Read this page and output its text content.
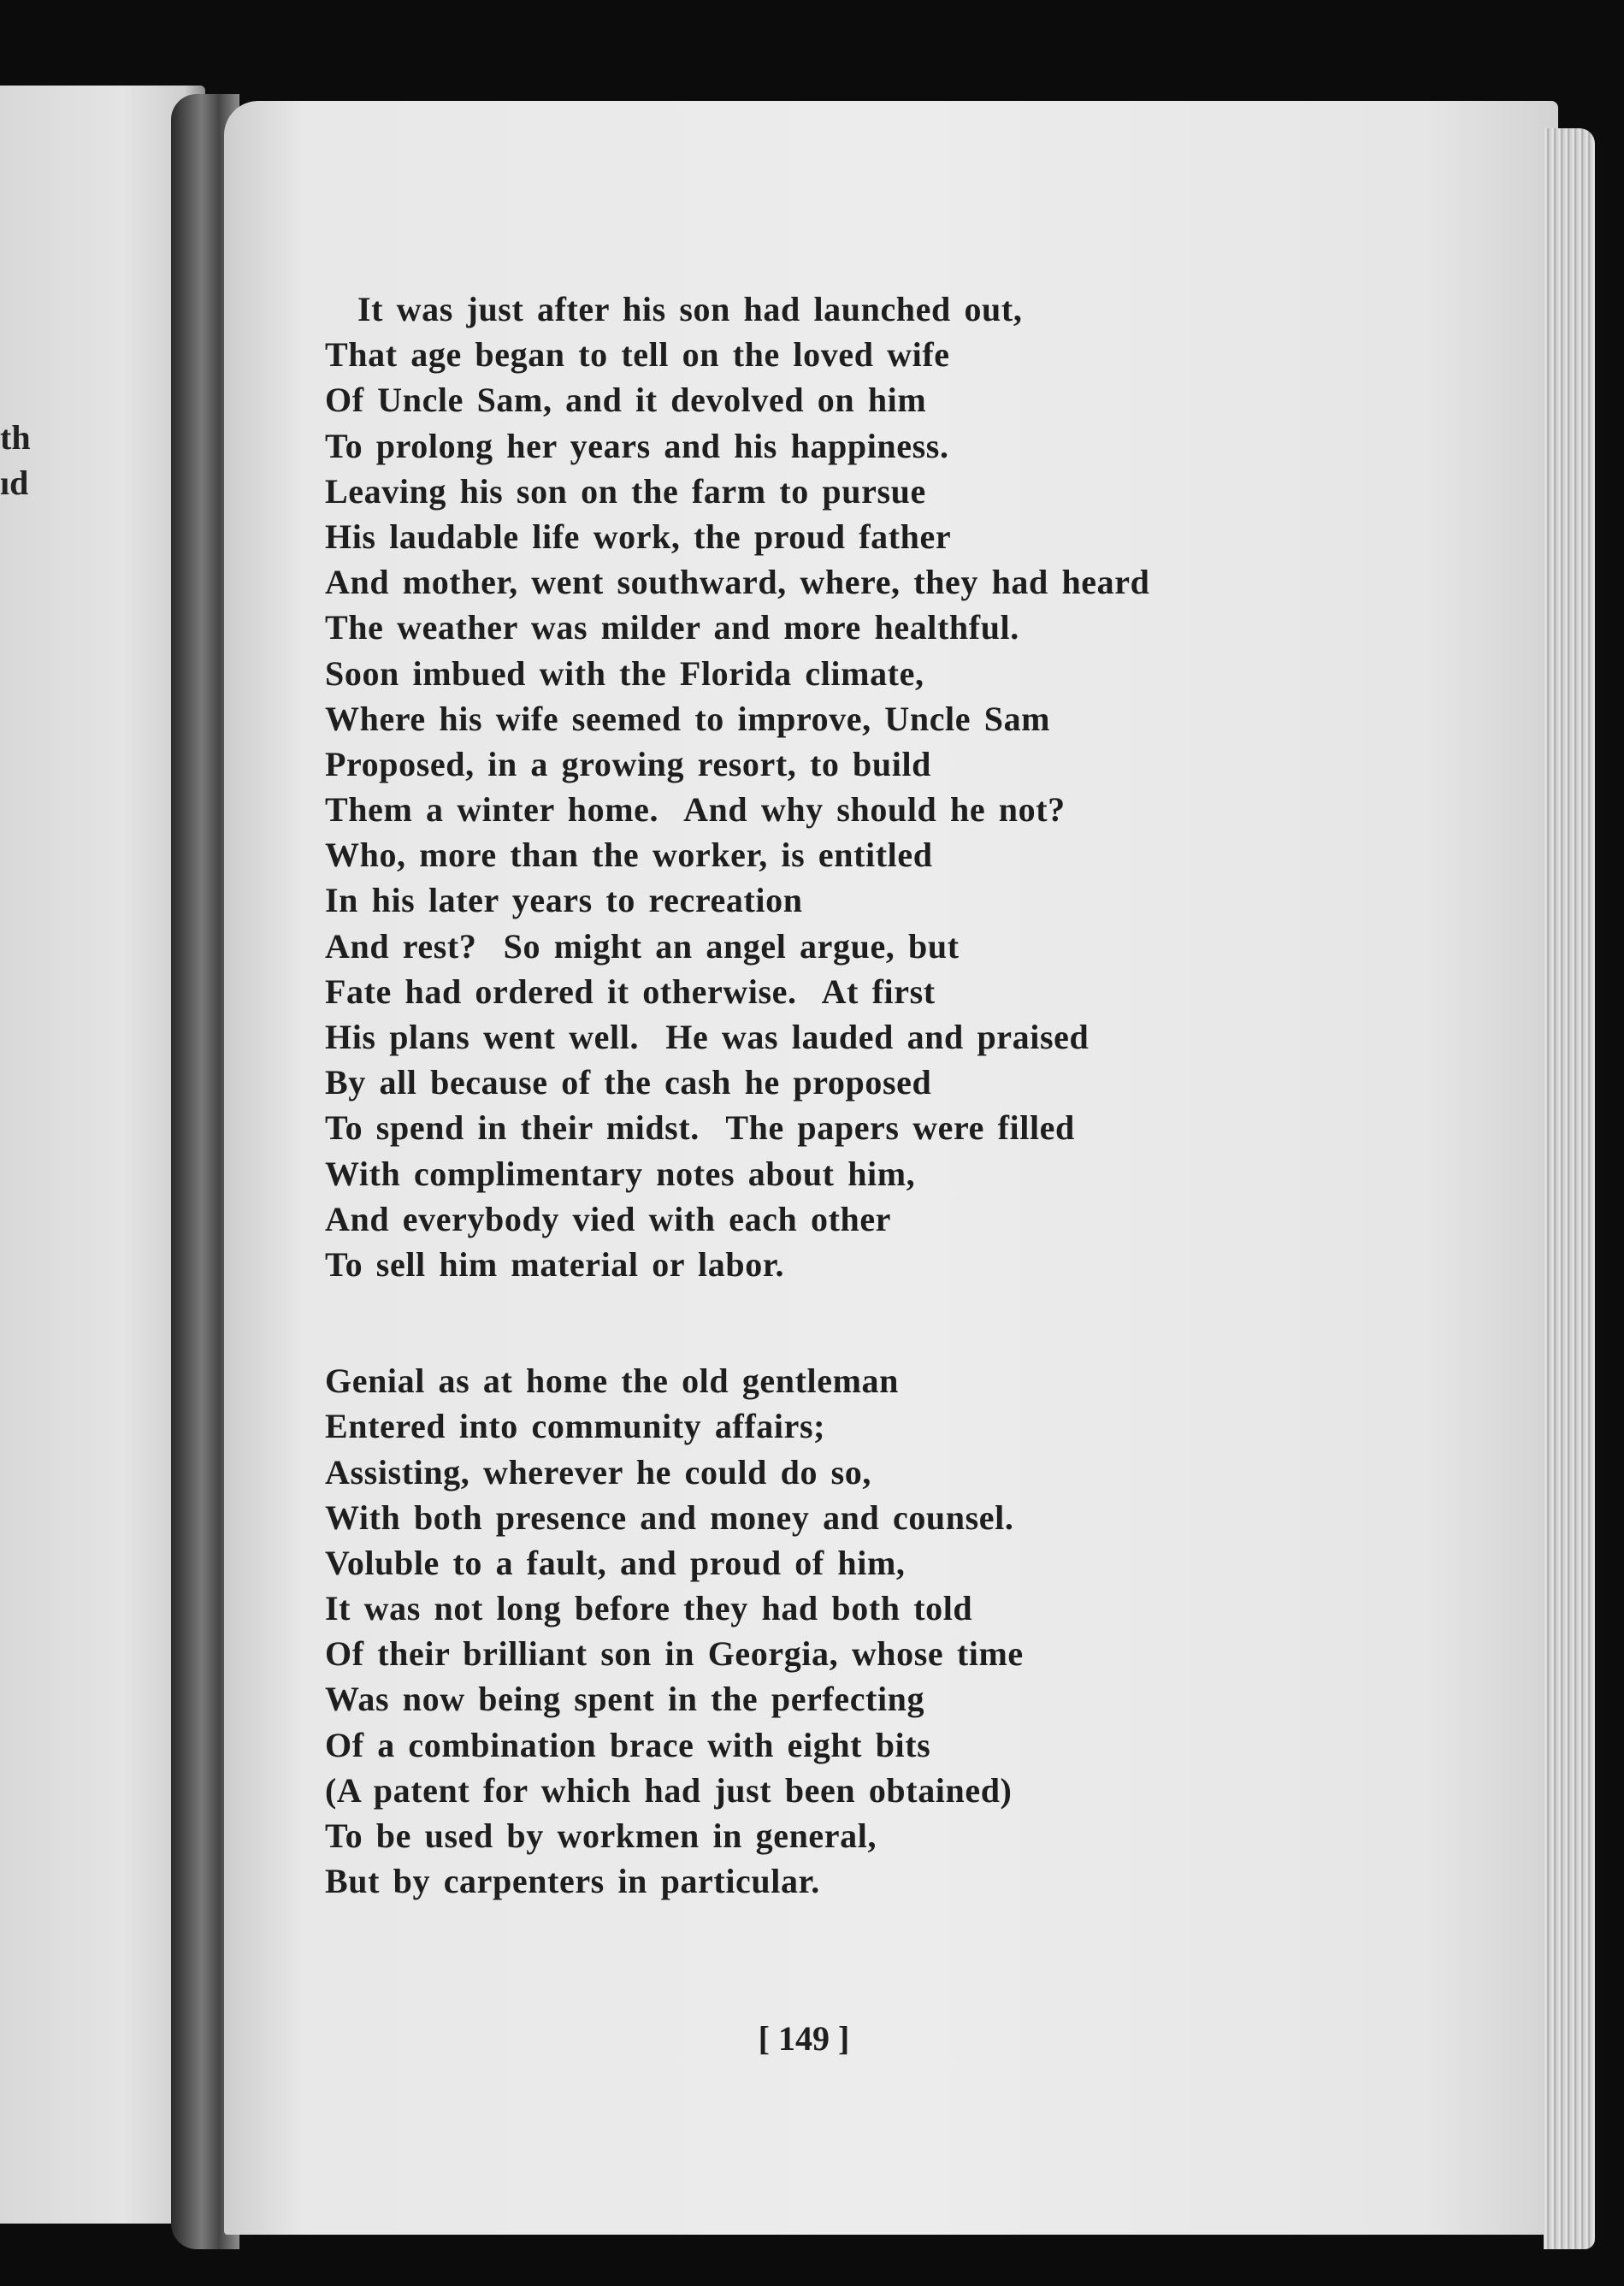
th
ıd
It was just after his son had launched out,
That age began to tell on the loved wife
Of Uncle Sam, and it devolved on him
To prolong her years and his happiness.
Leaving his son on the farm to pursue
His laudable life work, the proud father
And mother, went southward, where, they had heard
The weather was milder and more healthful.
Soon imbued with the Florida climate,
Where his wife seemed to improve, Uncle Sam
Proposed, in a growing resort, to build
Them a winter home.  And why should he not?
Who, more than the worker, is entitled
In his later years to recreation
And rest?  So might an angel argue, but
Fate had ordered it otherwise.  At first
His plans went well.  He was lauded and praised
By all because of the cash he proposed
To spend in their midst.  The papers were filled
With complimentary notes about him,
And everybody vied with each other
To sell him material or labor.
Genial as at home the old gentleman
Entered into community affairs;
Assisting, wherever he could do so,
With both presence and money and counsel.
Voluble to a fault, and proud of him,
It was not long before they had both told
Of their brilliant son in Georgia, whose time
Was now being spent in the perfecting
Of a combination brace with eight bits
(A patent for which had just been obtained)
To be used by workmen in general,
But by carpenters in particular.
[ 149 ]
